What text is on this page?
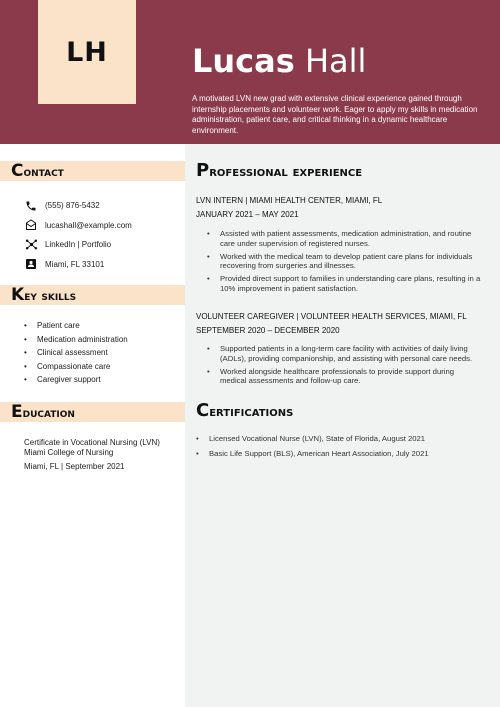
LH	Lucas Hall
A motivated LVN new grad with extensive clinical experience gained through internship placements and volunteer work. Eager to apply my skills in medication administration, patient care, and critical thinking in a dynamic healthcare environment.
Contact
(555) 876-5432
lucashall@example.com
LinkedIn | Portfolio
Miami, FL 33101
Key skills
• Patient care
• Medication administration
• Clinical assessment
• Compassionate care
• Caregiver support
Education
Certificate in Vocational Nursing (LVN)
Miami College of Nursing
Miami, FL | September 2021
Professional experience
LVN INTERN | MIAMI HEALTH CENTER, MIAMI, FL
JANUARY 2021 – MAY 2021
• Assisted with patient assessments, medication administration, and routine care under supervision of registered nurses.
• Worked with the medical team to develop patient care plans for individuals recovering from surgeries and illnesses.
• Provided direct support to families in understanding care plans, resulting in a 10% improvement in patient satisfaction.
VOLUNTEER CAREGIVER | VOLUNTEER HEALTH SERVICES, MIAMI, FL
SEPTEMBER 2020 – DECEMBER 2020
• Supported patients in a long-term care facility with activities of daily living (ADLs), providing companionship, and assisting with personal care needs.
• Worked alongside healthcare professionals to provide support during medical assessments and follow-up care.
Certifications
• Licensed Vocational Nurse (LVN), State of Florida, August 2021
• Basic Life Support (BLS), American Heart Association, July 2021
